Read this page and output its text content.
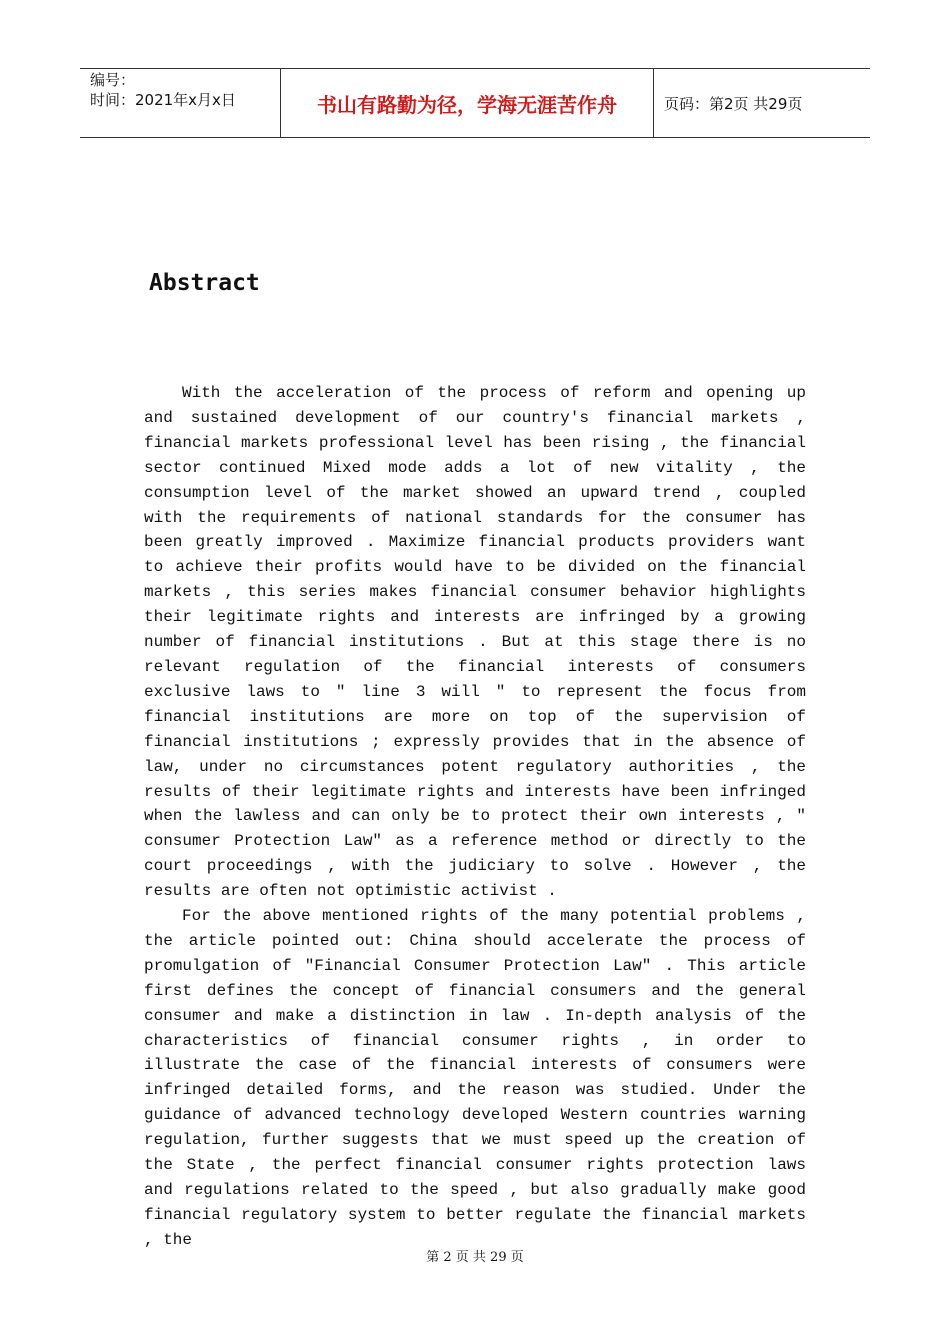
编号：
时间：2021年x月x日	书山有路勤为径，学海无涯苦作舟	页码：第2页 共29页
Abstract

With the acceleration of the process of reform and opening up and sustained development of our country's financial markets , financial markets professional level has been rising , the financial sector continued Mixed mode adds a lot of new vitality , the consumption level of the market showed an upward trend , coupled with the requirements of national standards for the consumer has been greatly improved . Maximize financial products providers want to achieve their profits would have to be divided on the financial markets , this series makes financial consumer behavior highlights their legitimate rights and interests are infringed by a growing number of financial institutions . But at this stage there is no relevant regulation of the financial interests of consumers exclusive laws to " line 3 will " to represent the focus from financial institutions are more on top of the supervision of financial institutions ; expressly provides that in the absence of law, under no circumstances potent regulatory authorities , the results of their legitimate rights and interests have been infringed when the lawless and can only be to protect their own interests , " consumer Protection Law" as a reference method or directly to the court proceedings , with the judiciary to solve . However , the results are often not optimistic activist .

For the above mentioned rights of the many potential problems , the article pointed out: China should accelerate the process of promulgation of "Financial Consumer Protection Law" . This article first defines the concept of financial consumers and the general consumer and make a distinction in law . In-depth analysis of the characteristics of financial consumer rights , in order to illustrate the case of the financial interests of consumers were infringed detailed forms, and the reason was studied. Under the guidance of advanced technology developed Western countries warning regulation, further suggests that we must speed up the creation of the State , the perfect financial consumer rights protection laws and regulations related to the speed , but also gradually make good financial regulatory system to better regulate the financial markets , the

第 2 页 共 29 页
